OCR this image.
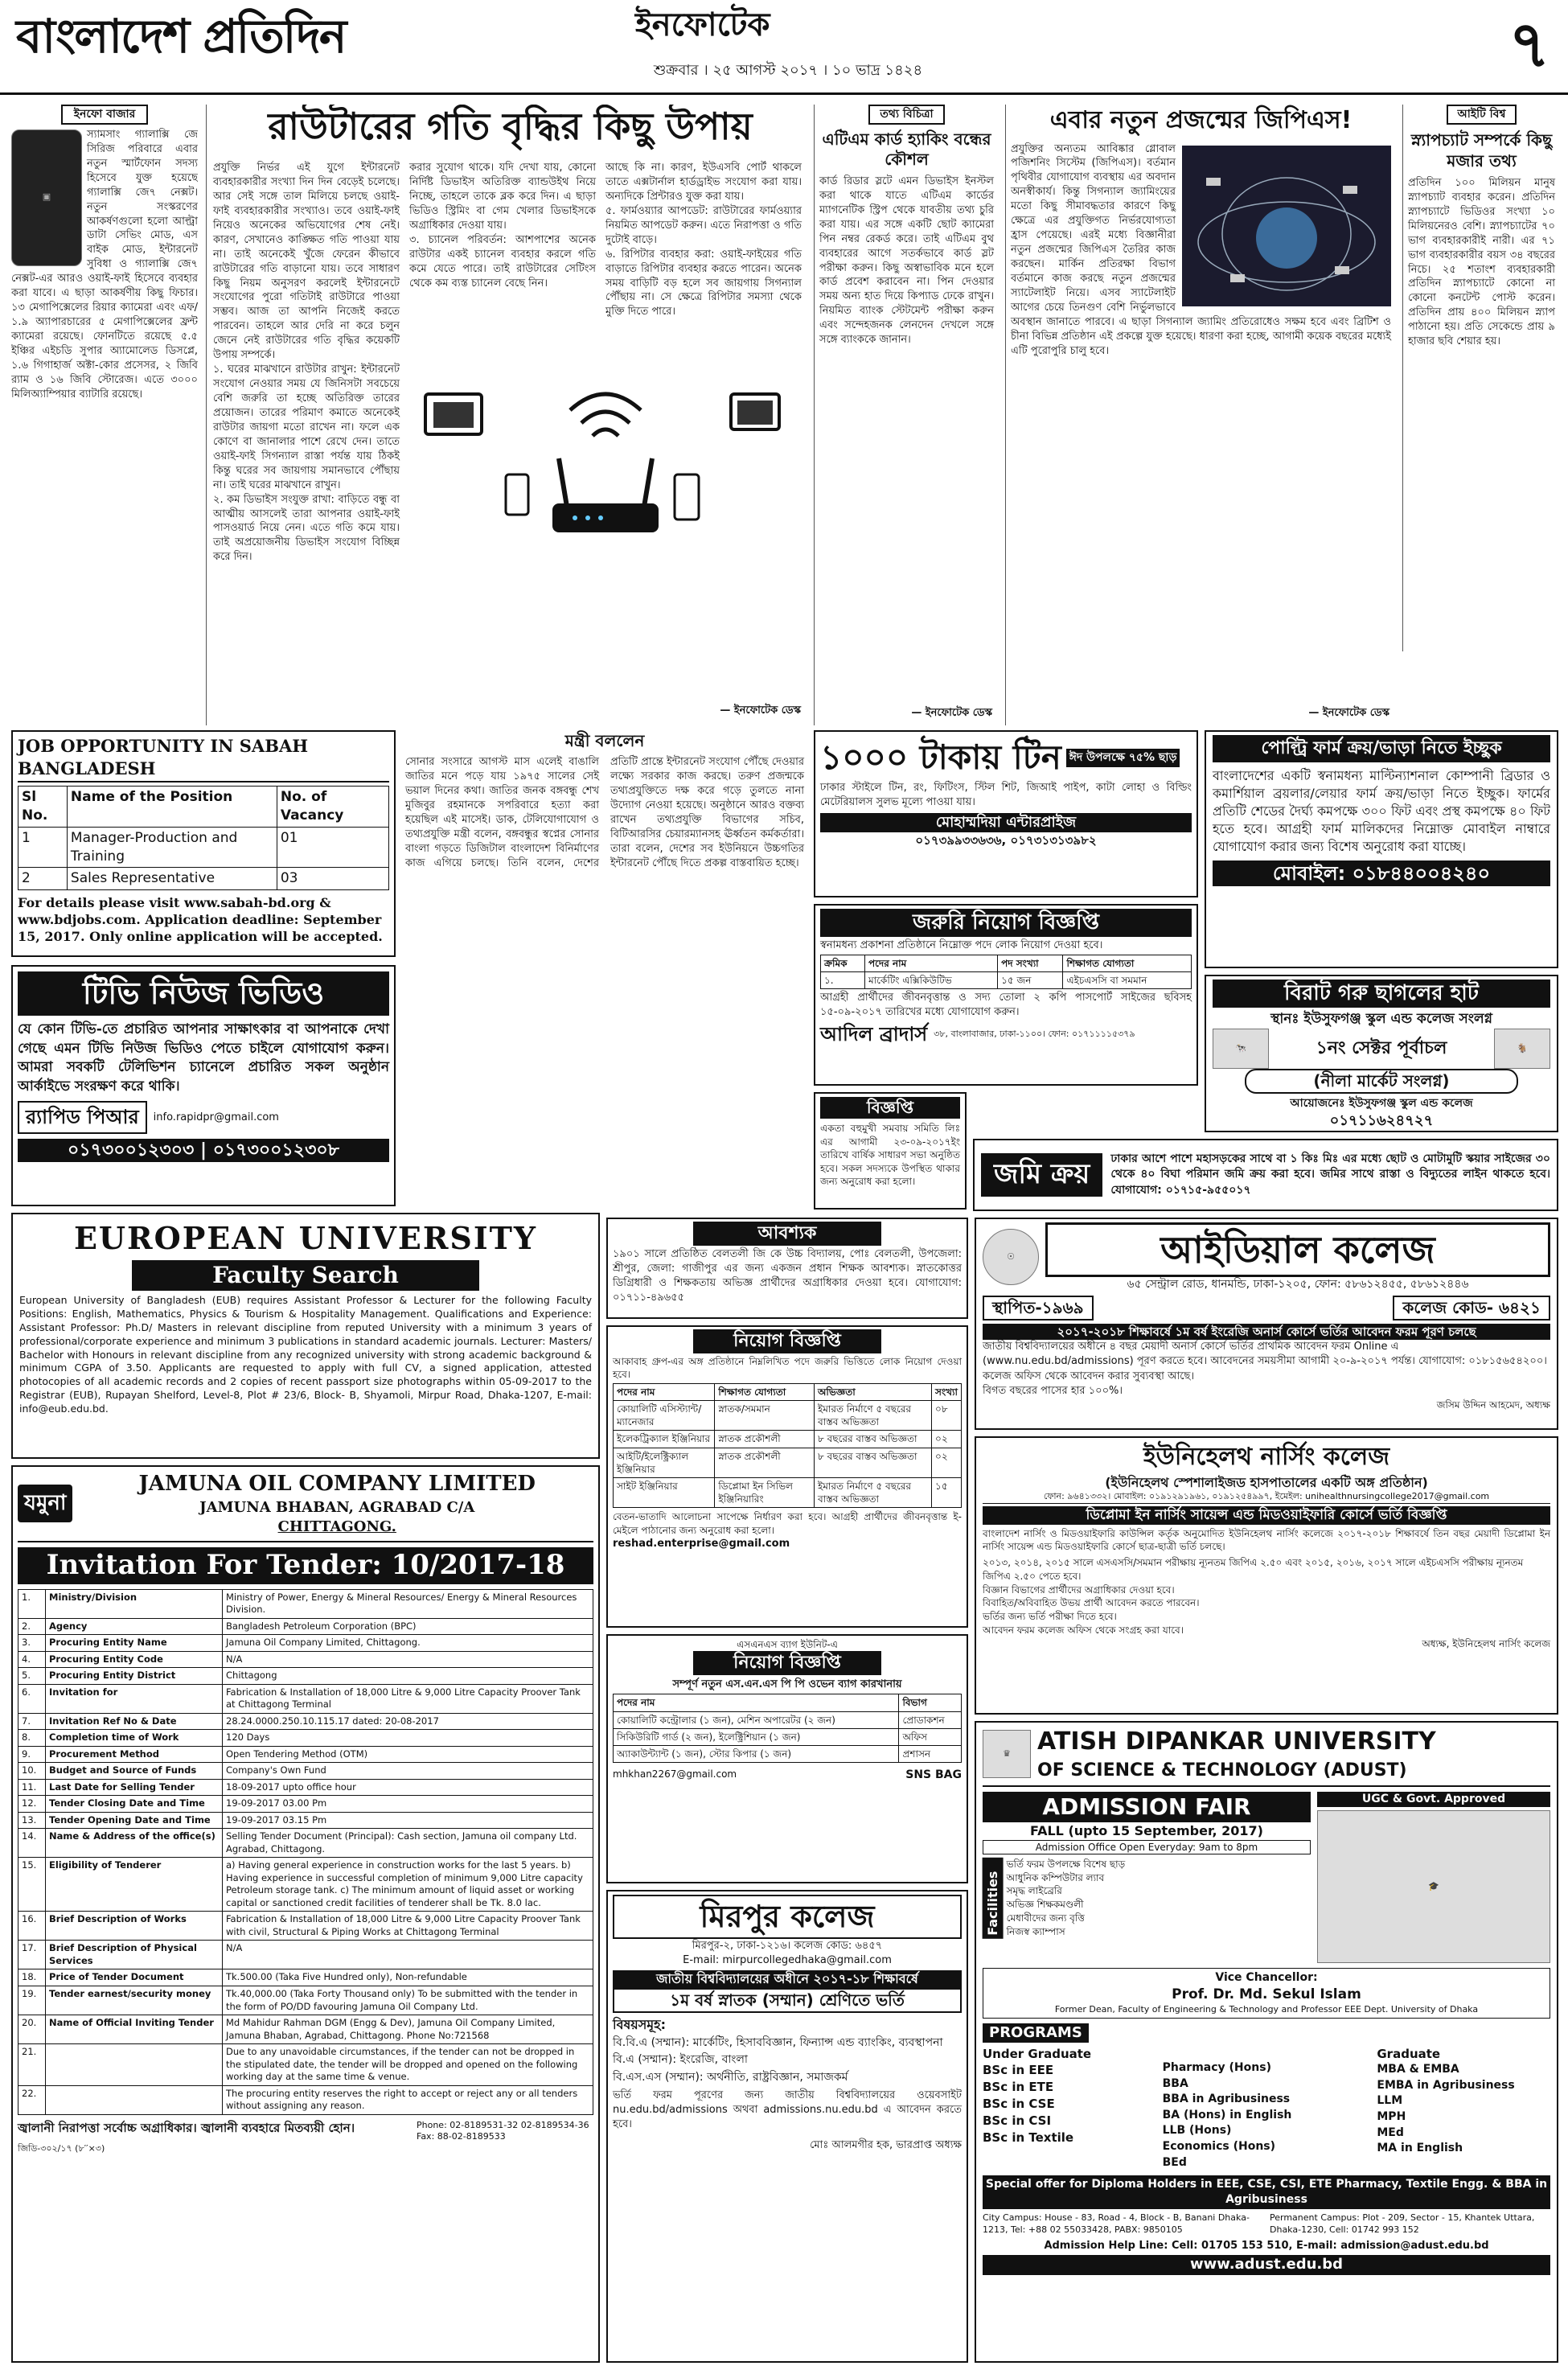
বাংলাদেশ প্রতিদিন	ইনফোটেক
শুক্রবার । ২৫ আগস্ট ২০১৭ । ১০ ভাদ্র ১৪২৪	৭
ইনফো বাজার
▣
স্যামসাং গ্যালাক্সি জে সিরিজ পরিবারে এবার নতুন স্মার্টফোন সদস্য হিসেবে যুক্ত হয়েছে গ্যালাক্সি জে৭ নেক্সট। নতুন সংস্করণের আকর্ষণগুলো হলো আল্ট্রা ডাটা সেভিং মোড, এস বাইক মোড, ইন্টারনেট সুবিধা ও গ্যালাক্সি জে৭ নেক্সট-এর আরও ওয়াই-ফাই হিসেবে ব্যবহার করা যাবে। এ ছাড়া আকর্ষণীয় কিছু ফিচার। ১৩ মেগাপিক্সেলের রিয়ার ক্যামেরা এবং এফ/১.৯ অ্যাপারচারের ৫ মেগাপিক্সেলের ফ্রন্ট ক্যামেরা রয়েছে। ফোনটিতে রয়েছে ৫.৫ ইঞ্চির এইচডি সুপার অ্যামোলেড ডিসপ্লে, ১.৬ গিগাহার্জ অক্টা-কোর প্রসেসর, ২ জিবি র‍্যাম ও ১৬ জিবি স্টোরেজ। এতে ৩০০০ মিলিঅ্যাম্পিয়ার ব্যাটারি রয়েছে।
রাউটারের গতি বৃদ্ধির কিছু উপায়
প্রযুক্তি নির্ভর এই যুগে ইন্টারনেট ব্যবহারকারীর সংখ্যা দিন দিন বেড়েই চলেছে। আর সেই সঙ্গে তাল মিলিয়ে চলছে ওয়াই-ফাই ব্যবহারকারীর সংখ্যাও। তবে ওয়াই-ফাই নিয়েও অনেকের অভিযোগের শেষ নেই। কারণ, সেখানেও কাঙ্ক্ষিত গতি পাওয়া যায় না। তাই অনেকেই খুঁজে ফেরেন কীভাবে রাউটারের গতি বাড়ানো যায়। তবে সাধারণ কিছু নিয়ম অনুসরণ করলেই ইন্টারনেটে সংযোগের পুরো গতিটাই রাউটারে পাওয়া সম্ভব। আজ তা আপনি নিজেই করতে পারবেন। তাহলে আর দেরি না করে চলুন জেনে নেই রাউটারের গতি বৃদ্ধির কয়েকটি উপায় সম্পর্কে।
১. ঘরের মাঝখানে রাউটার রাখুন: ইন্টারনেট সংযোগ নেওয়ার সময় যে জিনিসটা সবচেয়ে বেশি জরুরি তা হচ্ছে অতিরিক্ত তারের প্রয়োজন। তারের পরিমাণ কমাতে অনেকেই রাউটার জায়গা মতো রাখেন না। ফলে এক কোণে বা জানালার পাশে রেখে দেন। তাতে ওয়াই-ফাই সিগন্যাল রাস্তা পর্যন্ত যায় ঠিকই কিন্তু ঘরের সব জায়গায় সমানভাবে পৌঁছায় না। তাই ঘরের মাঝখানে রাখুন।
২. কম ডিভাইস সংযুক্ত রাখা: বাড়িতে বন্ধু বা আত্মীয় আসলেই তারা আপনার ওয়াই-ফাই পাসওয়ার্ড নিয়ে নেন। এতে গতি কমে যায়। তাই অপ্রয়োজনীয় ডিভাইস সংযোগ বিচ্ছিন্ন করে দিন।
করার সুযোগ থাকে। যদি দেখা যায়, কোনো নির্দিষ্ট ডিভাইস অতিরিক্ত ব্যান্ডউইথ নিয়ে নিচ্ছে, তাহলে তাকে ব্লক করে দিন। এ ছাড়া ভিডিও স্ট্রিমিং বা গেম খেলার ডিভাইসকে অগ্রাধিকার দেওয়া যায়।
৩. চ্যানেল পরিবর্তন: আশপাশের অনেক রাউটার একই চ্যানেল ব্যবহার করলে গতি কমে যেতে পারে। তাই রাউটারের সেটিংস থেকে কম ব্যস্ত চ্যানেল বেছে নিন।
আছে কি না। কারণ, ইউএসবি পোর্ট থাকলে তাতে এক্সটার্নাল হার্ডড্রাইভ সংযোগ করা যায়। অন্যদিকে প্রিন্টারও যুক্ত করা যায়।
৫. ফার্মওয়্যার আপডেট: রাউটারের ফার্মওয়্যার নিয়মিত আপডেট করুন। এতে নিরাপত্তা ও গতি দুটোই বাড়ে।
৬. রিপিটার ব্যবহার করা: ওয়াই-ফাইয়ের গতি বাড়াতে রিপিটার ব্যবহার করতে পারেন। অনেক সময় বাড়িটি বড় হলে সব জায়গায় সিগন্যাল পৌঁছায় না। সে ক্ষেত্রে রিপিটার সমস্যা থেকে মুক্তি দিতে পারে।
— ইনফোটেক ডেস্ক
তথ্য বিচিত্রা
এটিএম কার্ড হ্যাকিং বন্ধের কৌশল
কার্ড রিডার স্লটে এমন ডিভাইস ইনস্টল করা থাকে যাতে এটিএম কার্ডের ম্যাগনেটিক স্ট্রিপ থেকে যাবতীয় তথ্য চুরি করা যায়। এর সঙ্গে একটি ছোট ক্যামেরা পিন নম্বর রেকর্ড করে। তাই এটিএম বুথ ব্যবহারের আগে সতর্কভাবে কার্ড স্লট পরীক্ষা করুন। কিছু অস্বাভাবিক মনে হলে কার্ড প্রবেশ করাবেন না। পিন দেওয়ার সময় অন্য হাত দিয়ে কিপ্যাড ঢেকে রাখুন। নিয়মিত ব্যাংক স্টেটমেন্ট পরীক্ষা করুন এবং সন্দেহজনক লেনদেন দেখলে সঙ্গে সঙ্গে ব্যাংককে জানান।
— ইনফোটেক ডেস্ক
এবার নতুন প্রজন্মের জিপিএস!
প্রযুক্তির অন্যতম আবিষ্কার গ্লোবাল পজিশনিং সিস্টেম (জিপিএস)। বর্তমান পৃথিবীর যোগাযোগ ব্যবস্থায় এর অবদান অনস্বীকার্য। কিন্তু সিগন্যাল জ্যামিংয়ের মতো কিছু সীমাবদ্ধতার কারণে কিছু ক্ষেত্রে এর প্রযুক্তিগত নির্ভরযোগ্যতা হ্রাস পেয়েছে। এরই মধ্যে বিজ্ঞানীরা নতুন প্রজন্মের জিপিএস তৈরির কাজ করছেন। মার্কিন প্রতিরক্ষা বিভাগ বর্তমানে কাজ করছে নতুন প্রজন্মের স্যাটেলাইট নিয়ে। এসব স্যাটেলাইট আগের চেয়ে তিনগুণ বেশি নির্ভুলভাবে অবস্থান জানাতে পারবে। এ ছাড়া সিগন্যাল জ্যামিং প্রতিরোধেও সক্ষম হবে এবং ব্রিটিশ ও চীনা বিভিন্ন প্রতিষ্ঠান এই প্রকল্পে যুক্ত হয়েছে। ধারণা করা হচ্ছে, আগামী কয়েক বছরের মধ্যেই এটি পুরোপুরি চালু হবে।
— ইনফোটেক ডেস্ক
আইটি বিশ্ব
স্ন্যাপচ্যাট সম্পর্কে কিছু মজার তথ্য
প্রতিদিন ১০০ মিলিয়ন মানুষ স্ন্যাপচ্যাট ব্যবহার করেন। প্রতিদিন স্ন্যাপচ্যাটে ভিডিওর সংখ্যা ১০ মিলিয়নেরও বেশি। স্ন্যাপচ্যাটের ৭০ ভাগ ব্যবহারকারীই নারী। এর ৭১ ভাগ ব্যবহারকারীর বয়স ৩৪ বছরের নিচে। ২৫ শতাংশ ব্যবহারকারী প্রতিদিন স্ন্যাপচ্যাটে কোনো না কোনো কনটেন্ট পোস্ট করেন। প্রতিদিন প্রায় ৪০০ মিলিয়ন স্ন্যাপ পাঠানো হয়। প্রতি সেকেন্ডে প্রায় ৯ হাজার ছবি শেয়ার হয়।
JOB OPPORTUNITY IN SABAH BANGLADESH
Sl No.	Name of the Position	No. of Vacancy
1	Manager-Production and Training	01
2	Sales Representative	03
For details please visit www.sabah-bd.org & www.bdjobs.com. Application deadline: September 15, 2017. Only online application will be accepted.
মন্ত্রী বললেন
সোনার সংসারে আগস্ট মাস এলেই বাঙালি জাতির মনে পড়ে যায় ১৯৭৫ সালের সেই ভয়াল দিনের কথা। জাতির জনক বঙ্গবন্ধু শেখ মুজিবুর রহমানকে সপরিবারে হত্যা করা হয়েছিল এই মাসেই। ডাক, টেলিযোগাযোগ ও তথ্যপ্রযুক্তি মন্ত্রী বলেন, বঙ্গবন্ধুর স্বপ্নের সোনার বাংলা গড়তে ডিজিটাল বাংলাদেশ বিনির্মাণের কাজ এগিয়ে চলছে। তিনি বলেন, দেশের প্রতিটি প্রান্তে ইন্টারনেট সংযোগ পৌঁছে দেওয়ার লক্ষ্যে সরকার কাজ করছে। তরুণ প্রজন্মকে তথ্যপ্রযুক্তিতে দক্ষ করে গড়ে তুলতে নানা উদ্যোগ নেওয়া হয়েছে। অনুষ্ঠানে আরও বক্তব্য রাখেন তথ্যপ্রযুক্তি বিভাগের সচিব, বিটিআরসির চেয়ারম্যানসহ ঊর্ধ্বতন কর্মকর্তারা। তারা বলেন, দেশের সব ইউনিয়নে উচ্চগতির ইন্টারনেট পৌঁছে দিতে প্রকল্প বাস্তবায়িত হচ্ছে।
টিভি নিউজ ভিডিও
যে কোন টিভি-তে প্রচারিত আপনার সাক্ষাৎকার বা আপনাকে দেখা গেছে এমন টিভি নিউজ ভিডিও পেতে চাইলে যোগাযোগ করুন। আমরা সবকটি টেলিভিশন চ্যানেলে প্রচারিত সকল অনুষ্ঠান আর্কাইভে সংরক্ষণ করে থাকি।
র‍্যাপিড পিআর	info.rapidpr@gmail.com
০১৭৩০০১২৩০৩ | ০১৭৩০০১২৩০৮
EUROPEAN UNIVERSITY
Faculty Search
European University of Bangladesh (EUB) requires Assistant Professor & Lecturer for the following Faculty Positions: English, Mathematics, Physics & Tourism & Hospitality Management. Qualifications and Experience: Assistant Professor: Ph.D/ Masters in relevant discipline from reputed University with a minimum 3 years of professional/corporate experience and minimum 3 publications in standard academic journals. Lecturer: Masters/ Bachelor with Honours in relevant discipline from any recognized university with strong academic background & minimum CGPA of 3.50. Applicants are requested to apply with full CV, a signed application, attested photocopies of all academic records and 2 copies of recent passport size photographs within 05-09-2017 to the Registrar (EUB), Rupayan Shelford, Level-8, Plot # 23/6, Block- B, Shyamoli, Mirpur Road, Dhaka-1207, E-mail: info@eub.edu.bd.
যমুনা
JAMUNA OIL COMPANY LIMITED
JAMUNA BHABAN, AGRABAD C/A
CHITTAGONG.
Invitation For Tender: 10/2017-18
1.	Ministry/Division	Ministry of Power, Energy & Mineral Resources/ Energy & Mineral Resources Division.
2.	Agency	Bangladesh Petroleum Corporation (BPC)
3.	Procuring Entity Name	Jamuna Oil Company Limited, Chittagong.
4.	Procuring Entity Code	N/A
5.	Procuring Entity District	Chittagong
6.	Invitation for	Fabrication & Installation of 18,000 Litre & 9,000 Litre Capacity Proover Tank at Chittagong Terminal
7.	Invitation Ref No & Date	28.24.0000.250.10.115.17 dated: 20-08-2017
8.	Completion time of Work	120 Days
9.	Procurement Method	Open Tendering Method (OTM)
10.	Budget and Source of Funds	Company's Own Fund
11.	Last Date for Selling Tender	18-09-2017 upto office hour
12.	Tender Closing Date and Time	19-09-2017 03.00 Pm
13.	Tender Opening Date and Time	19-09-2017 03.15 Pm
14.	Name & Address of the office(s)	Selling Tender Document (Principal): Cash section, Jamuna oil company Ltd. Agrabad, Chittagong.
15.	Eligibility of Tenderer	a) Having general experience in construction works for the last 5 years. b) Having experience in successful completion of minimum 9,000 Litre capacity Petroleum storage tank. c) The minimum amount of liquid asset or working capital or sanctioned credit facilities of tenderer shall be Tk. 8.0 lac.
16.	Brief Description of Works	Fabrication & Installation of 18,000 Litre & 9,000 Litre Capacity Proover Tank with civil, Structural & Piping Works at Chittagong Terminal
17.	Brief Description of Physical Services	N/A
18.	Price of Tender Document	Tk.500.00 (Taka Five Hundred only), Non-refundable
19.	Tender earnest/security money	Tk.40,000.00 (Taka Forty Thousand only) To be submitted with the tender in the form of PO/DD favouring Jamuna Oil Company Ltd.
20.	Name of Official Inviting Tender	Md Mahidur Rahman DGM (Engg & Dev), Jamuna Oil Company Limited, Jamuna Bhaban, Agrabad, Chittagong. Phone No:721568
21.		Due to any unavoidable circumstances, if the tender can not be dropped in the stipulated date, the tender will be dropped and opened on the following working day at the same time & venue.
22.		The procuring entity reserves the right to accept or reject any or all tenders without assigning any reason.
জ্বালানী নিরাপত্তা সর্বোচ্চ অগ্রাধিকার। জ্বালানী ব্যবহারে মিতব্যয়ী হোন।	Phone: 02-8189531-32 02-8189534-36 Fax: 88-02-8189533
জিডি-৩০২/১৭ (৮′′×৩)
১০০০ টাকায় টিন ঈদ উপলক্ষে ৭৫% ছাড়
ঢাকার স্টাইলে টিন, রং, ফিটিংস, স্টিল শিট, জিআই পাইপ, কাটা লোহা ও বিল্ডিং মেটেরিয়ালস সুলভ মূল্যে পাওয়া যায়।
মোহাম্মদিয়া এন্টারপ্রাইজ
০১৭৩৯৯৩৩৬৩৬, ০১৭৩১৩১৩৯৮২
জরুরি নিয়োগ বিজ্ঞপ্তি
স্বনামধন্য প্রকাশনা প্রতিষ্ঠানে নিম্নোক্ত পদে লোক নিয়োগ দেওয়া হবে।
ক্রমিক	পদের নাম	পদ সংখ্যা	শিক্ষাগত যোগ্যতা
১.	মার্কেটিং এক্সিকিউটিভ	১৫ জন	এইচএসসি বা সমমান
আগ্রহী প্রার্থীদের জীবনবৃত্তান্ত ও সদ্য তোলা ২ কপি পাসপোর্ট সাইজের ছবিসহ ১৫-০৯-২০১৭ তারিখের মধ্যে যোগাযোগ করুন।
আদিল ব্রাদার্স ৩৮, বাংলাবাজার, ঢাকা-১১০০। ফোন: ০১৭১১১১৫৩৭৯
বিজ্ঞপ্তি
একতা বহুমুখী সমবায় সমিতি লিঃ এর আগামী ২৩-০৯-২০১৭ইং তারিখে বার্ষিক সাধারণ সভা অনুষ্ঠিত হবে। সকল সদস্যকে উপস্থিত থাকার জন্য অনুরোধ করা হলো।
পোল্ট্রি ফার্ম ক্রয়/ভাড়া নিতে ইচ্ছুক
বাংলাদেশের একটি স্বনামধন্য মাল্টিন্যাশনাল কোম্পানী ব্রিডার ও কমার্শিয়াল ব্রয়লার/লেয়ার ফার্ম ক্রয়/ভাড়া নিতে ইচ্ছুক। ফার্মের প্রতিটি শেডের দৈর্ঘ্য কমপক্ষে ৩০০ ফিট এবং প্রস্থ কমপক্ষে ৪০ ফিট হতে হবে। আগ্রহী ফার্ম মালিকদের নিম্নোক্ত মোবাইল নাম্বারে যোগাযোগ করার জন্য বিশেষ অনুরোধ করা যাচ্ছে।
মোবাইল: ০১৮৪৪০০৪২৪০
বিরাট গরু ছাগলের হাট
স্থানঃ ইউসুফগঞ্জ স্কুল এন্ড কলেজ সংলগ্ন
🐄	১নং সেক্টর পূর্বাচল	🐐
(নীলা মার্কেট সংলগ্ন)
আয়োজনেঃ ইউসুফগঞ্জ স্কুল এন্ড কলেজ
০১৭১১৬২৪৭২৭
জমি ক্রয়	ঢাকার আশে পাশে মহাসড়কের সাথে বা ১ কিঃ মিঃ এর মধ্যে ছোট ও মোটামুটি স্কয়ার সাইজের ৩০ থেকে ৪০ বিঘা পরিমান জমি ক্রয় করা হবে। জমির সাথে রাস্তা ও বিদ্যুতের লাইন থাকতে হবে। যোগাযোগ: ০১৭১৫-৯৫৫০১৭
আবশ্যক
১৯০১ সালে প্রতিষ্ঠিত বেলতলী জি কে উচ্চ বিদ্যালয়, পোঃ বেলতলী, উপজেলা: শ্রীপুর, জেলা: গাজীপুর এর জন্য একজন প্রধান শিক্ষক আবশ্যক। স্নাতকোত্তর ডিগ্রিধারী ও শিক্ষকতায় অভিজ্ঞ প্রার্থীদের অগ্রাধিকার দেওয়া হবে। যোগাযোগ: ০১৭১১-৪৯৬৫৫
নিয়োগ বিজ্ঞপ্তি
আকাবাহ গ্রুপ-এর অঙ্গ প্রতিষ্ঠানে নিম্নলিখিত পদে জরুরি ভিত্তিতে লোক নিয়োগ দেওয়া হবে।
পদের নাম	শিক্ষাগত যোগ্যতা	অভিজ্ঞতা	সংখ্যা
কোয়ালিটি এসিস্ট্যান্ট/ম্যানেজার	স্নাতক/সমমান	ইমারত নির্মাণে ৫ বছরের বাস্তব অভিজ্ঞতা	০৮
ইলেকট্রিক্যাল ইঞ্জিনিয়ার	স্নাতক প্রকৌশলী	৮ বছরের বাস্তব অভিজ্ঞতা	০২
আইটি/ইলেক্ট্রিক্যাল ইঞ্জিনিয়ার	স্নাতক প্রকৌশলী	৮ বছরের বাস্তব অভিজ্ঞতা	০২
সাইট ইঞ্জিনিয়ার	ডিপ্লোমা ইন সিভিল ইঞ্জিনিয়ারিং	ইমারত নির্মাণে ৫ বছরের বাস্তব অভিজ্ঞতা	১৫
বেতন-ভাতাদি আলোচনা সাপেক্ষে নির্ধারণ করা হবে। আগ্রহী প্রার্থীদের জীবনবৃত্তান্ত ই-মেইলে পাঠানোর জন্য অনুরোধ করা হলো।
reshad.enterprise@gmail.com
এসএনএস ব্যাগ ইউনিট-এ
নিয়োগ বিজ্ঞপ্তি
সম্পূর্ণ নতুন এস.এন.এস পি পি ওভেন ব্যাগ কারখানায়
পদের নাম	বিভাগ
কোয়ালিটি কন্ট্রোলার (১ জন), মেশিন অপারেটর (২ জন)	প্রোডাকশন
সিকিউরিটি গার্ড (২ জন), ইলেক্ট্রিশিয়ান (১ জন)	অফিস
অ্যাকাউন্ট্যান্ট (১ জন), স্টোর কিপার (১ জন)	প্রশাসন
mhkhan2267@gmail.com	SNS BAG
মিরপুর কলেজ
মিরপুর-২, ঢাকা-১২১৬। কলেজ কোড: ৬৪৫৭
E-mail: mirpurcollegedhaka@gmail.com
জাতীয় বিশ্ববিদ্যালয়ের অধীনে ২০১৭-১৮ শিক্ষাবর্ষে
১ম বর্ষ স্নাতক (সম্মান) শ্রেণিতে ভর্তি
বিষয়সমূহ:
বি.বি.এ (সম্মান): মার্কেটিং, হিসাববিজ্ঞান, ফিন্যান্স এন্ড ব্যাংকিং, ব্যবস্থাপনা
বি.এ (সম্মান): ইংরেজি, বাংলা
বি.এস.এস (সম্মান): অর্থনীতি, রাষ্ট্রবিজ্ঞান, সমাজকর্ম
ভর্তি ফরম পূরণের জন্য জাতীয় বিশ্ববিদ্যালয়ের ওয়েবসাইট nu.edu.bd/admissions অথবা admissions.nu.edu.bd এ আবেদন করতে হবে।
মোঃ আলমগীর হক, ভারপ্রাপ্ত অধ্যক্ষ
☉	আইডিয়াল কলেজ
৬৫ সেন্ট্রাল রোড, ধানমন্ডি, ঢাকা-১২০৫, ফোন: ৫৮৬১২৪৫৫, ৫৮৬১২৪৪৬
স্থাপিত-১৯৬৯	কলেজ কোড- ৬৪২১
২০১৭-২০১৮ শিক্ষাবর্ষে ১ম বর্ষ ইংরেজি অনার্স কোর্সে ভর্তির আবেদন ফরম পূরণ চলছে
জাতীয় বিশ্ববিদ্যালয়ের অধীনে ৪ বছর মেয়াদী অনার্স কোর্সে ভর্তির প্রাথমিক আবেদন ফরম Online এ (www.nu.edu.bd/admissions) পূরণ করতে হবে। আবেদনের সময়সীমা আগামী ২০-৯-২০১৭ পর্যন্ত। যোগাযোগ: ০১৮১৫৬৫৪২০০।
কলেজ অফিস থেকে আবেদন করার সুব্যবস্থা আছে।
বিগত বছরের পাসের হার ১০০%।
জসিম উদ্দিন আহমেদ, অধ্যক্ষ
ইউনিহেলথ নার্সিং কলেজ
(ইউনিহেলথ স্পেশালাইজড হাসপাতালের একটি অঙ্গ প্রতিষ্ঠান)
ফোন: ৯৬৪১৩৩২। মোবাইল: ০১৯১২৯১৯৬১, ০১৯১২৫৪৯৯৭, ইমেইল: unihealthnursingcollege2017@gmail.com
ডিপ্লোমা ইন নার্সিং সায়েন্স এন্ড মিডওয়াইফারি কোর্সে ভর্তি বিজ্ঞপ্তি
বাংলাদেশ নার্সিং ও মিডওয়াইফারি কাউন্সিল কর্তৃক অনুমোদিত ইউনিহেলথ নার্সিং কলেজে ২০১৭-২০১৮ শিক্ষাবর্ষে তিন বছর মেয়াদী ডিপ্লোমা ইন নার্সিং সায়েন্স এন্ড মিডওয়াইফারি কোর্সে ছাত্র-ছাত্রী ভর্তি চলছে।
২০১৩, ২০১৪, ২০১৫ সালে এসএসসি/সমমান পরীক্ষায় ন্যূনতম জিপিএ ২.৫০ এবং ২০১৫, ২০১৬, ২০১৭ সালে এইচএসসি পরীক্ষায় ন্যূনতম জিপিএ ২.৫০ পেতে হবে।
বিজ্ঞান বিভাগের প্রার্থীদের অগ্রাধিকার দেওয়া হবে।
বিবাহিত/অবিবাহিত উভয় প্রার্থী আবেদন করতে পারবেন।
ভর্তির জন্য ভর্তি পরীক্ষা দিতে হবে।
আবেদন ফরম কলেজ অফিস থেকে সংগ্রহ করা যাবে।
অধ্যক্ষ, ইউনিহেলথ নার্সিং কলেজ
♛	ATISH DIPANKAR UNIVERSITY
OF SCIENCE & TECHNOLOGY (ADUST)
ADMISSION FAIR
FALL (upto 15 September, 2017)
Admission Office Open Everyday: 9am to 8pm
Facilities
ভর্তি ফরম উপলক্ষে বিশেষ ছাড়
আধুনিক কম্পিউটার ল্যাব
সমৃদ্ধ লাইব্রেরি
অভিজ্ঞ শিক্ষকমণ্ডলী
মেধাবীদের জন্য বৃত্তি
নিজস্ব ক্যাম্পাস
UGC & Govt. Approved
🎓
Vice Chancellor:
Prof. Dr. Md. Sekul Islam
Former Dean, Faculty of Engineering & Technology and Professor EEE Dept. University of Dhaka
PROGRAMS
Under Graduate
BSc in EEE
BSc in ETE
BSc in CSE
BSc in CSI
BSc in Textile
Pharmacy (Hons)
BBA
BBA in Agribusiness
BA (Hons) in English
LLB (Hons)
Economics (Hons)
BEd
Graduate
MBA & EMBA
EMBA in Agribusiness
LLM
MPH
MEd
MA in English
Special offer for Diploma Holders in EEE, CSE, CSI, ETE Pharmacy, Textile Engg. & BBA in Agribusiness
City Campus: House - 83, Road - 4, Block - B, Banani Dhaka-1213, Tel: +88 02 55033428, PABX: 9850105
Permanent Campus: Plot - 209, Sector - 15, Khantek Uttara, Dhaka-1230, Cell: 01742 993 152
Admission Help Line: Cell: 01705 153 510, E-mail: admission@adust.edu.bd
www.adust.edu.bd
